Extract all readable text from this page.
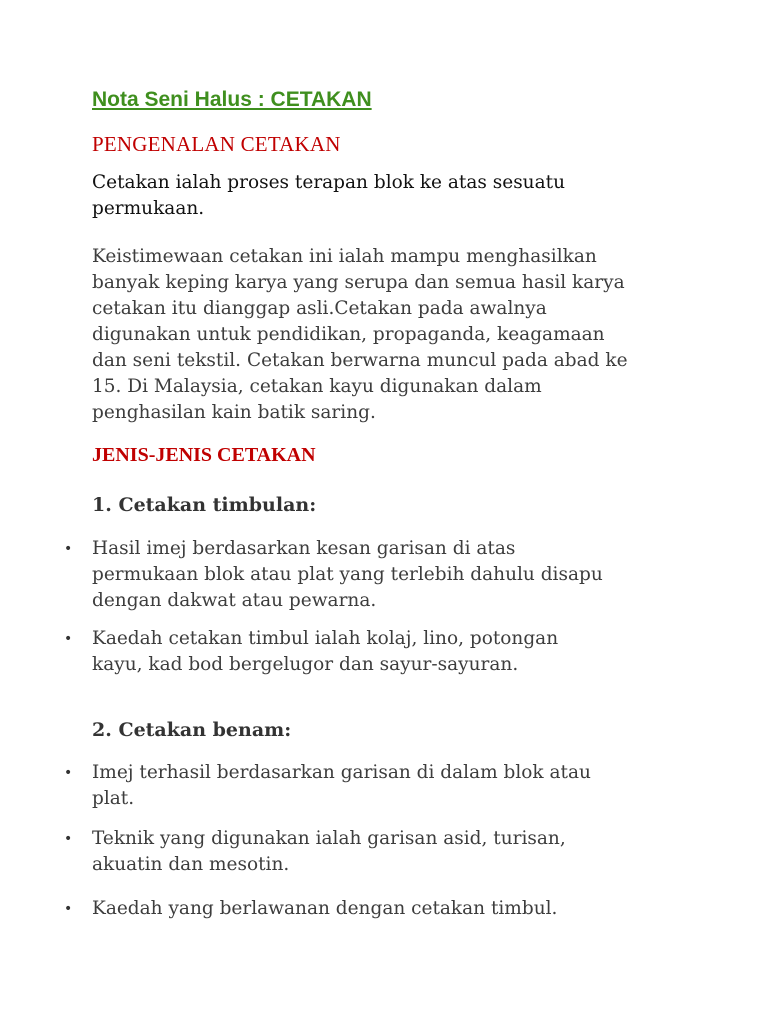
Nota Seni Halus : CETAKAN
PENGENALAN CETAKAN
Cetakan ialah proses terapan blok ke atas sesuatu
permukaan.
Keistimewaan cetakan ini ialah mampu menghasilkan
banyak keping karya yang serupa dan semua hasil karya
cetakan itu dianggap asli.Cetakan pada awalnya
digunakan untuk pendidikan, propaganda, keagamaan
dan seni tekstil. Cetakan berwarna muncul pada abad ke
15. Di Malaysia, cetakan kayu digunakan dalam
penghasilan kain batik saring.
JENIS-JENIS CETAKAN
1. Cetakan timbulan:
•	Hasil imej berdasarkan kesan garisan di atas
permukaan blok atau plat yang terlebih dahulu disapu
dengan dakwat atau pewarna.
•	Kaedah cetakan timbul ialah kolaj, lino, potongan
kayu, kad bod bergelugor dan sayur-sayuran.
2. Cetakan benam:
•	Imej terhasil berdasarkan garisan di dalam blok atau
plat.
•	Teknik yang digunakan ialah garisan asid, turisan,
akuatin dan mesotin.
•	Kaedah yang berlawanan dengan cetakan timbul.
